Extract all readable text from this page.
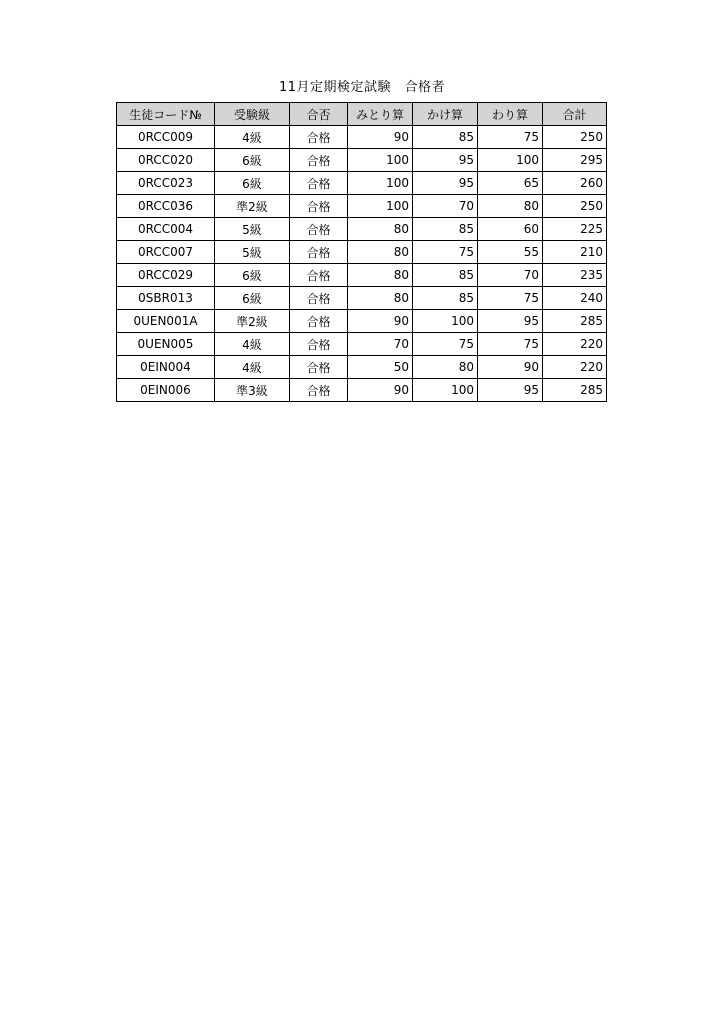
11月定期検定試験　合格者
生徒コード№	受験級	合否	みとり算	かけ算	わり算	合計
0RCC009	4級	合格	90	85	75	250
0RCC020	6級	合格	100	95	100	295
0RCC023	6級	合格	100	95	65	260
0RCC036	準2級	合格	100	70	80	250
0RCC004	5級	合格	80	85	60	225
0RCC007	5級	合格	80	75	55	210
0RCC029	6級	合格	80	85	70	235
0SBR013	6級	合格	80	85	75	240
0UEN001A	準2級	合格	90	100	95	285
0UEN005	4級	合格	70	75	75	220
0EIN004	4級	合格	50	80	90	220
0EIN006	準3級	合格	90	100	95	285
